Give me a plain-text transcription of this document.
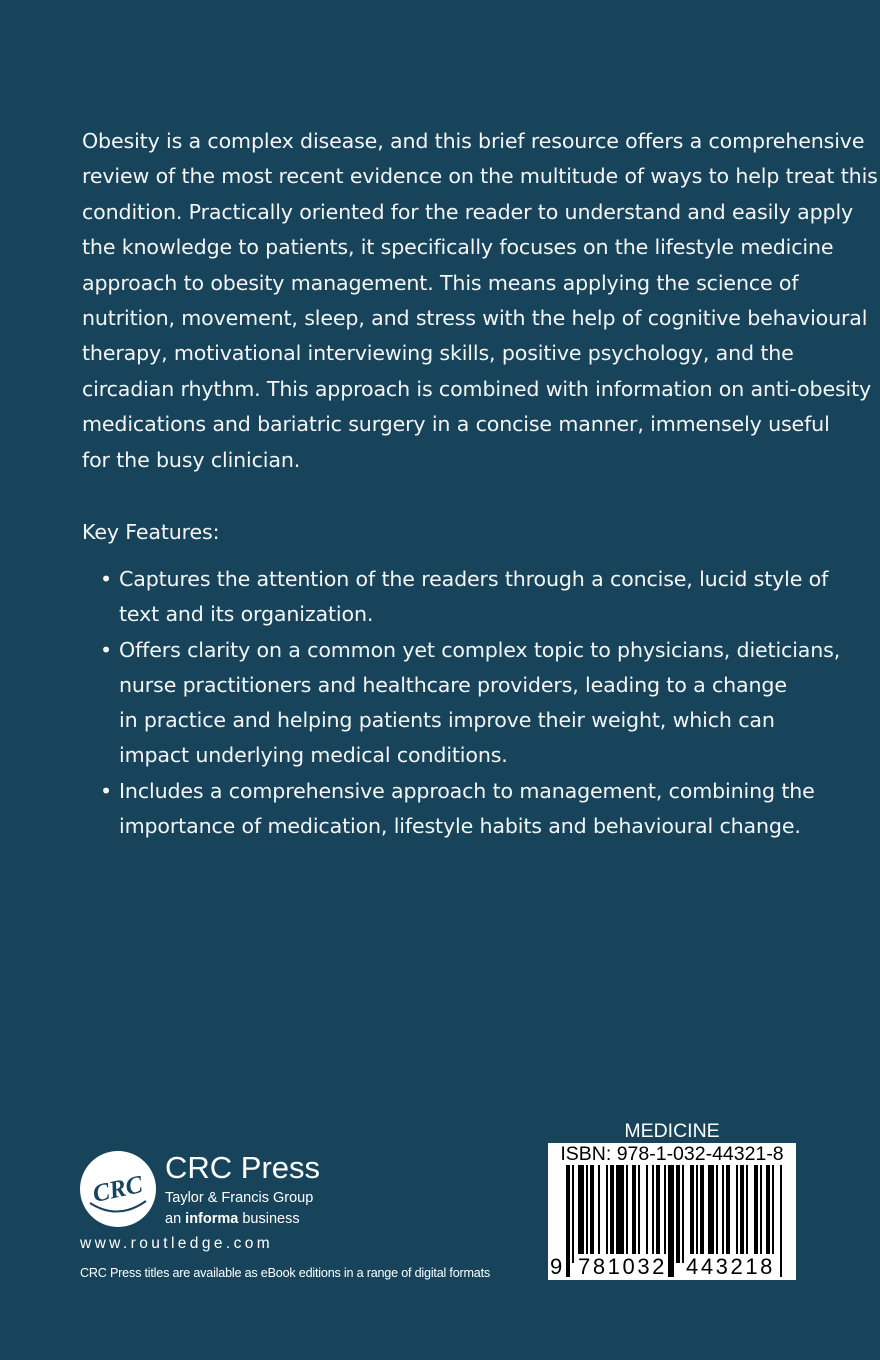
Obesity is a complex disease, and this brief resource offers a comprehensive
review of the most recent evidence on the multitude of ways to help treat this
condition. Practically oriented for the reader to understand and easily apply
the knowledge to patients, it specifically focuses on the lifestyle medicine
approach to obesity management. This means applying the science of
nutrition, movement, sleep, and stress with the help of cognitive behavioural
therapy, motivational interviewing skills, positive psychology, and the
circadian rhythm. This approach is combined with information on anti-obesity
medications and bariatric surgery in a concise manner, immensely useful
for the busy clinician.

Key Features:

• Captures the attention of the readers through a concise, lucid style of
text and its organization.
• Offers clarity on a common yet complex topic to physicians, dieticians,
nurse practitioners and healthcare providers, leading to a change
in practice and helping patients improve their weight, which can
impact underlying medical conditions.
• Includes a comprehensive approach to management, combining the
importance of medication, lifestyle habits and behavioural change.
CRC

CRC Press

Taylor & Francis Group

an informa business

www.routledge.com

CRC Press titles are available as eBook editions in a range of digital formats

MEDICINE

ISBN: 978-1-032-44321-8

9 781032 443218
